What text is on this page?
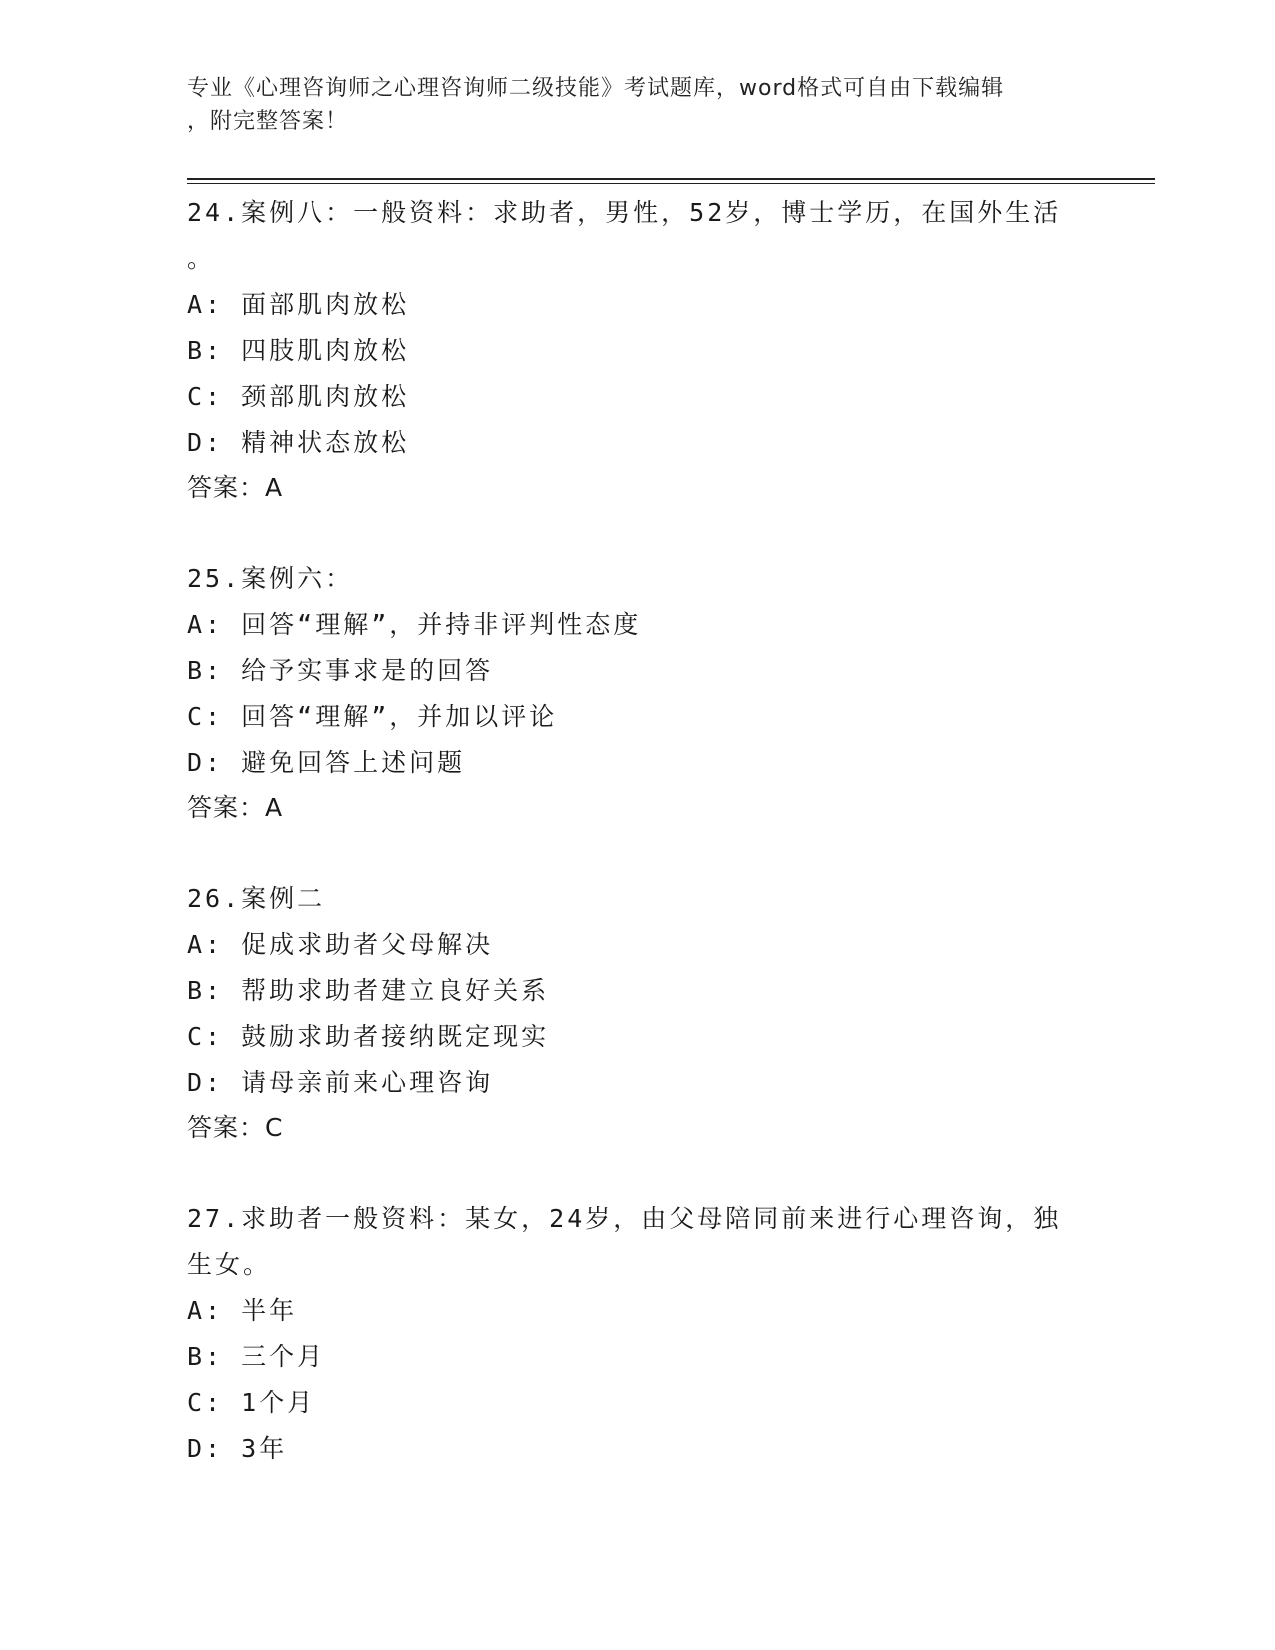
专业《心理咨询师之心理咨询师二级技能》考试题库，word格式可自由下载编辑
，附完整答案！
24.案例八：一般资料：求助者，男性，52岁，博士学历，在国外生活
。
A: 面部肌肉放松
B: 四肢肌肉放松
C: 颈部肌肉放松
D: 精神状态放松
答案：A
25.案例六：
A: 回答“理解”，并持非评判性态度
B: 给予实事求是的回答
C: 回答“理解”，并加以评论
D: 避免回答上述问题
答案：A
26.案例二
A: 促成求助者父母解决
B: 帮助求助者建立良好关系
C: 鼓励求助者接纳既定现实
D: 请母亲前来心理咨询
答案：C
27.求助者一般资料：某女，24岁，由父母陪同前来进行心理咨询，独
生女。
A: 半年
B: 三个月
C: 1个月
D: 3年
